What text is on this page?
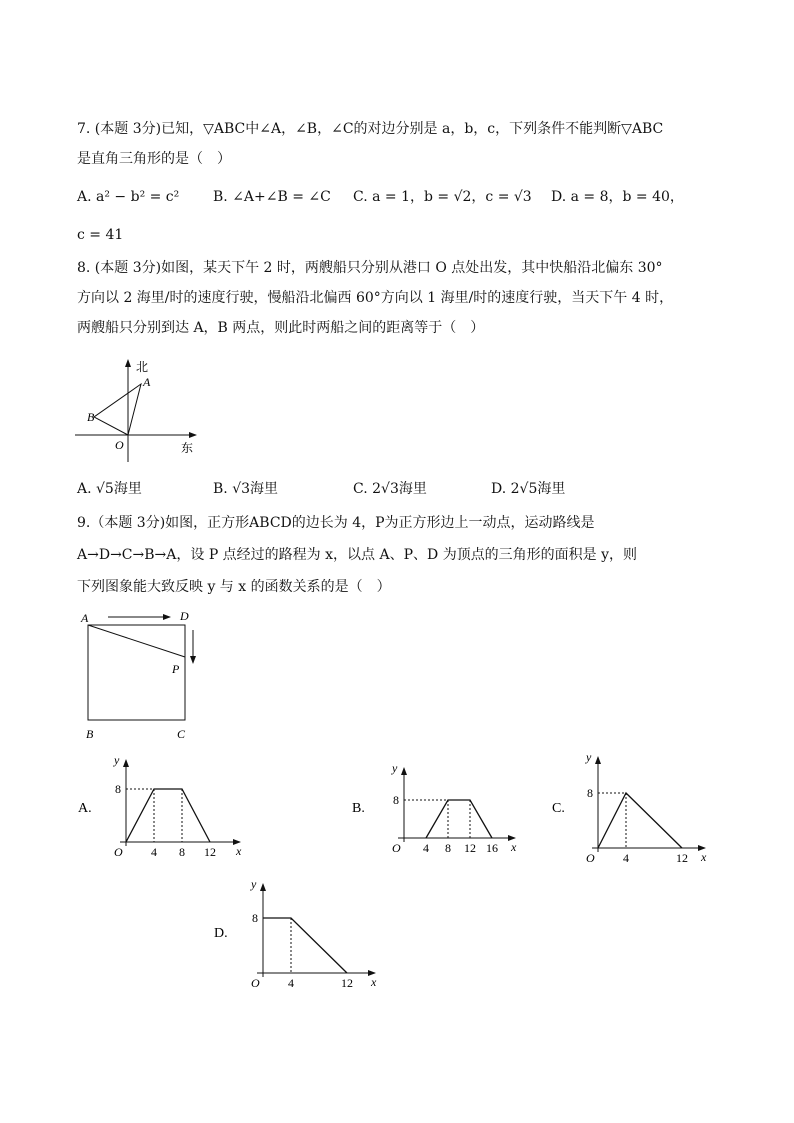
7. (本题 3分)已知，▽ABC中∠A，∠B，∠C的对边分别是 a，b，c，下列条件不能判断▽ABC
是直角三角形的是（　）
A. a² − b² = c² B. ∠A+∠B = ∠C C. a = 1，b = √2，c = √3 D. a = 8，b = 40，
c = 41
8. (本题 3分)如图，某天下午 2 时，两艘船只分别从港口 O 点处出发，其中快船沿北偏东 30°
方向以 2 海里/时的速度行驶，慢船沿北偏西 60°方向以 1 海里/时的速度行驶，当天下午 4 时，
两艘船只分别到达 A，B 两点，则此时两船之间的距离等于（　）
北
东
A
B
O
A. √5海里	B. √3海里	C. 2√3海里	D. 2√5海里
9.（本题 3分)如图，正方形ABCD的边长为 4，P为正方形边上一动点，运动路线是
A→D→C→B→A，设 P 点经过的路程为 x，以点 A、P、D 为顶点的三角形的面积是 y，则
下列图象能大致反映 y 与 x 的函数关系的是（　）
A	D
P
B	C
x
y
O
8
4 8 12
A.
x
y
O
8
4 8 12 16
B.
x
y
O
8
4	12
C.
x
y
O
8
4	12
D.
